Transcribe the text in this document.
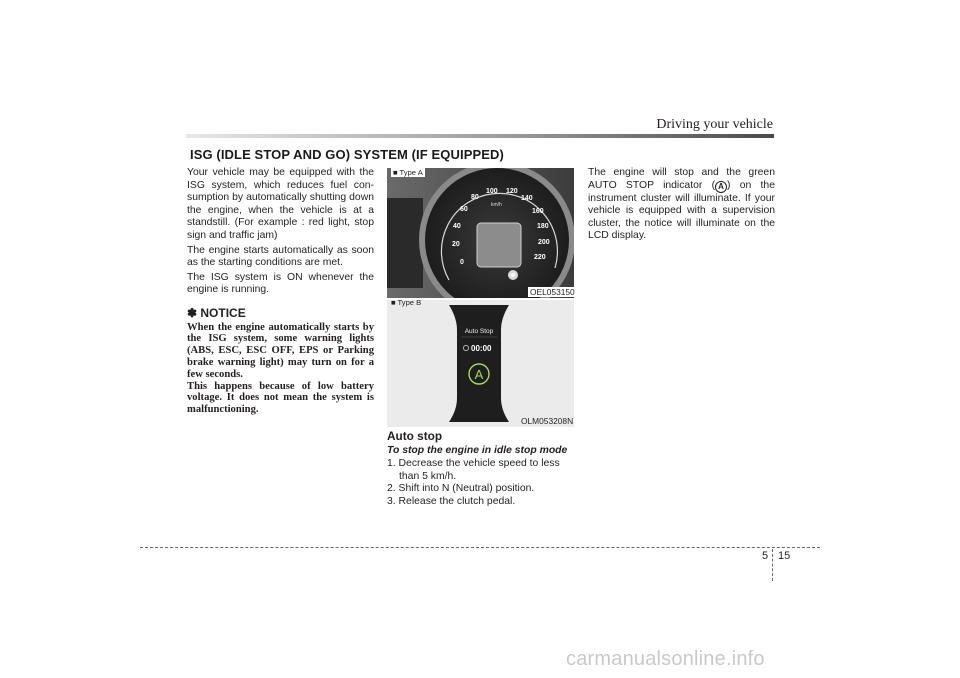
Driving your vehicle
ISG (IDLE STOP AND GO) SYSTEM (IF EQUIPPED)

Your vehicle may be equipped with the ISG system, which reduces fuel con-sumption by automatically shutting down the engine, when the vehicle is at a standstill. (For example : red light, stop sign and traffic jam)

The engine starts automatically as soon as the starting conditions are met.

The ISG system is ON whenever the engine is running.

✽ NOTICE

When the engine automatically starts by the ISG system, some warning lights (ABS, ESC, ESC OFF, EPS or Parking brake warning light) may turn on for a few seconds.

This happens because of low battery voltage. It does not mean the system is malfunctioning.

0
20
40
60
80
100 120
140
160
180
200
220
km/h
■ Type A
OEL053150
Auto Stop
00:00
A
■ Type B
OLM053208N
Auto stop
To stop the engine in idle stop mode
1. Decrease the vehicle speed to less than 5 km/h.
2. Shift into N (Neutral) position.
3. Release the clutch pedal.

The engine will stop and the green AUTO STOP indicator ( A ) on the instrument cluster will illuminate. If your vehicle is equipped with a supervision cluster, the notice will illuminate on the LCD display.

5 15
carmanualsonline.info
